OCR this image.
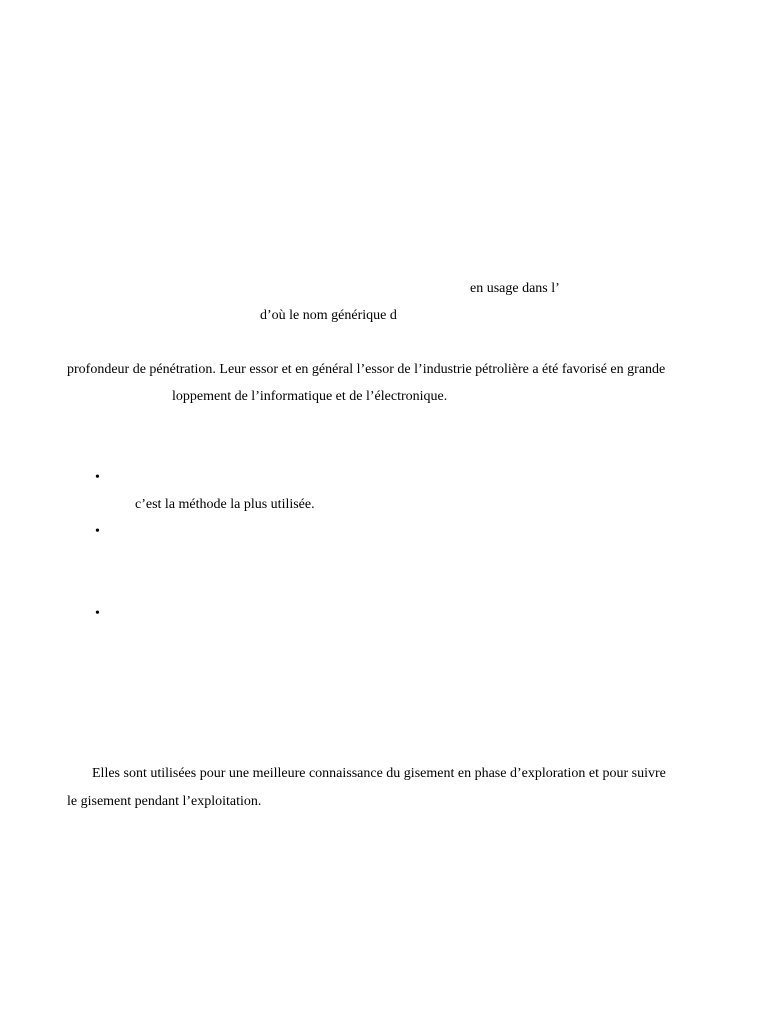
en usage dans l’
d’où le nom générique d
profondeur de pénétration. Leur essor et en général l’essor de l’industrie pétrolière a été favorisé en grande
loppement de l’informatique et de l’électronique.
•
c’est la méthode la plus utilisée.
•
•
Elles sont utilisées pour une meilleure connaissance du gisement en phase d’exploration et pour suivre
le gisement pendant l’exploitation.
